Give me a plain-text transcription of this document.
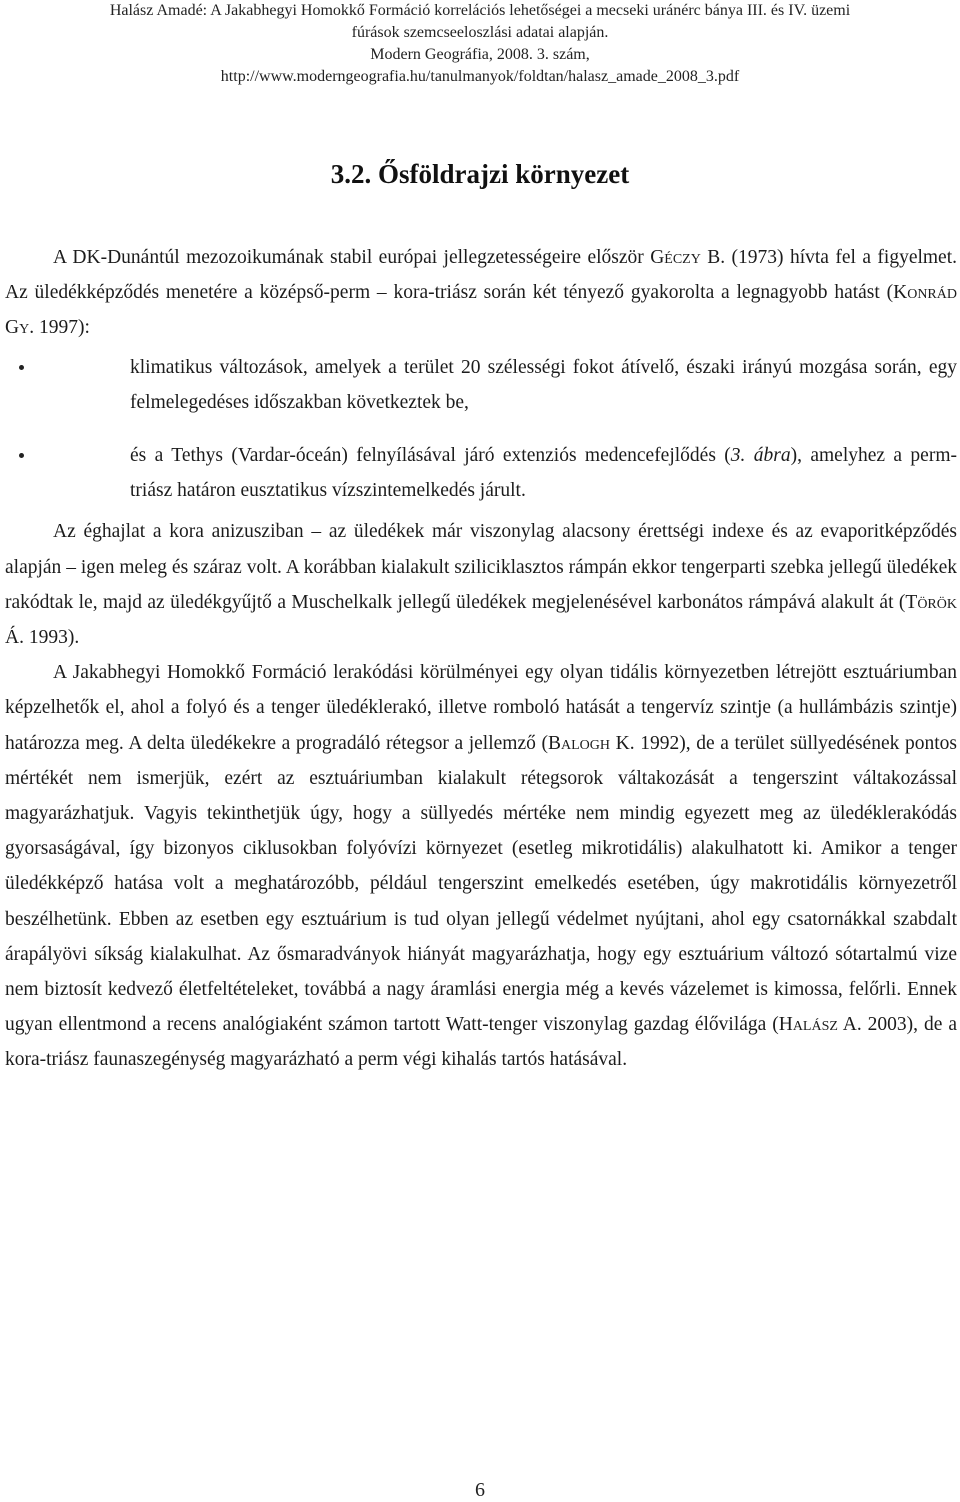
Halász Amadé: A Jakabhegyi Homokkő Formáció korrelációs lehetőségei a mecseki uránérc bánya III. és IV. üzemi
fúrások szemcseeloszlási adatai alapján.
Modern Geográfia, 2008. 3. szám,
http://www.moderngeografia.hu/tanulmanyok/foldtan/halasz_amade_2008_3.pdf
3.2. Ősföldrajzi környezet

A DK-Dunántúl mezozoikumának stabil európai jellegzetességeire először Géczy B. (1973) hívta fel a figyelmet. Az üledékképződés menetére a középső-perm – kora-triász során két tényező gyakorolta a legnagyobb hatást (Konrád Gy. 1997):

klimatikus változások, amelyek a terület 20 szélességi fokot átívelő, északi irányú mozgása során, egy felmelegedéses időszakban következtek be,
és a Tethys (Vardar-óceán) felnyílásával járó extenziós medencefejlődés (3. ábra), amelyhez a perm-triász határon eusztatikus vízszintemelkedés járult.

Az éghajlat a kora anizusziban – az üledékek már viszonylag alacsony érettségi indexe és az evaporitképződés alapján – igen meleg és száraz volt. A korábban kialakult sziliciklasztos rámpán ekkor tengerparti szebka jellegű üledékek rakódtak le, majd az üledékgyűjtő a Muschelkalk jellegű üledékek megjelenésével karbonátos rámpává alakult át (Török Á. 1993).

A Jakabhegyi Homokkő Formáció lerakódási körülményei egy olyan tidális környezetben létrejött esztuáriumban képzelhetők el, ahol a folyó és a tenger üledéklerakó, illetve romboló hatását a tengervíz szintje (a hullámbázis szintje) határozza meg. A delta üledékekre a progradáló rétegsor a jellemző (Balogh K. 1992), de a terület süllyedésének pontos mértékét nem ismerjük, ezért az esztuáriumban kialakult rétegsorok váltakozását a tengerszint váltakozással magyarázhatjuk. Vagyis tekinthetjük úgy, hogy a süllyedés mértéke nem mindig egyezett meg az üledéklerakódás gyorsaságával, így bizonyos ciklusokban folyóvízi környezet (esetleg mikrotidális) alakulhatott ki. Amikor a tenger üledékképző hatása volt a meghatározóbb, például tengerszint emelkedés esetében, úgy makrotidális környezetről beszélhetünk. Ebben az esetben egy esztuárium is tud olyan jellegű védelmet nyújtani, ahol egy csatornákkal szabdalt árapályövi síkság kialakulhat. Az ősmaradványok hiányát magyarázhatja, hogy egy esztuárium változó sótartalmú vize nem biztosít kedvező életfeltételeket, továbbá a nagy áramlási energia még a kevés vázelemet is kimossa, felőrli. Ennek ugyan ellentmond a recens analógiaként számon tartott Watt-tenger viszonylag gazdag élővilága (Halász A. 2003), de a kora-triász faunaszegénység magyarázható a perm végi kihalás tartós hatásával.

6
